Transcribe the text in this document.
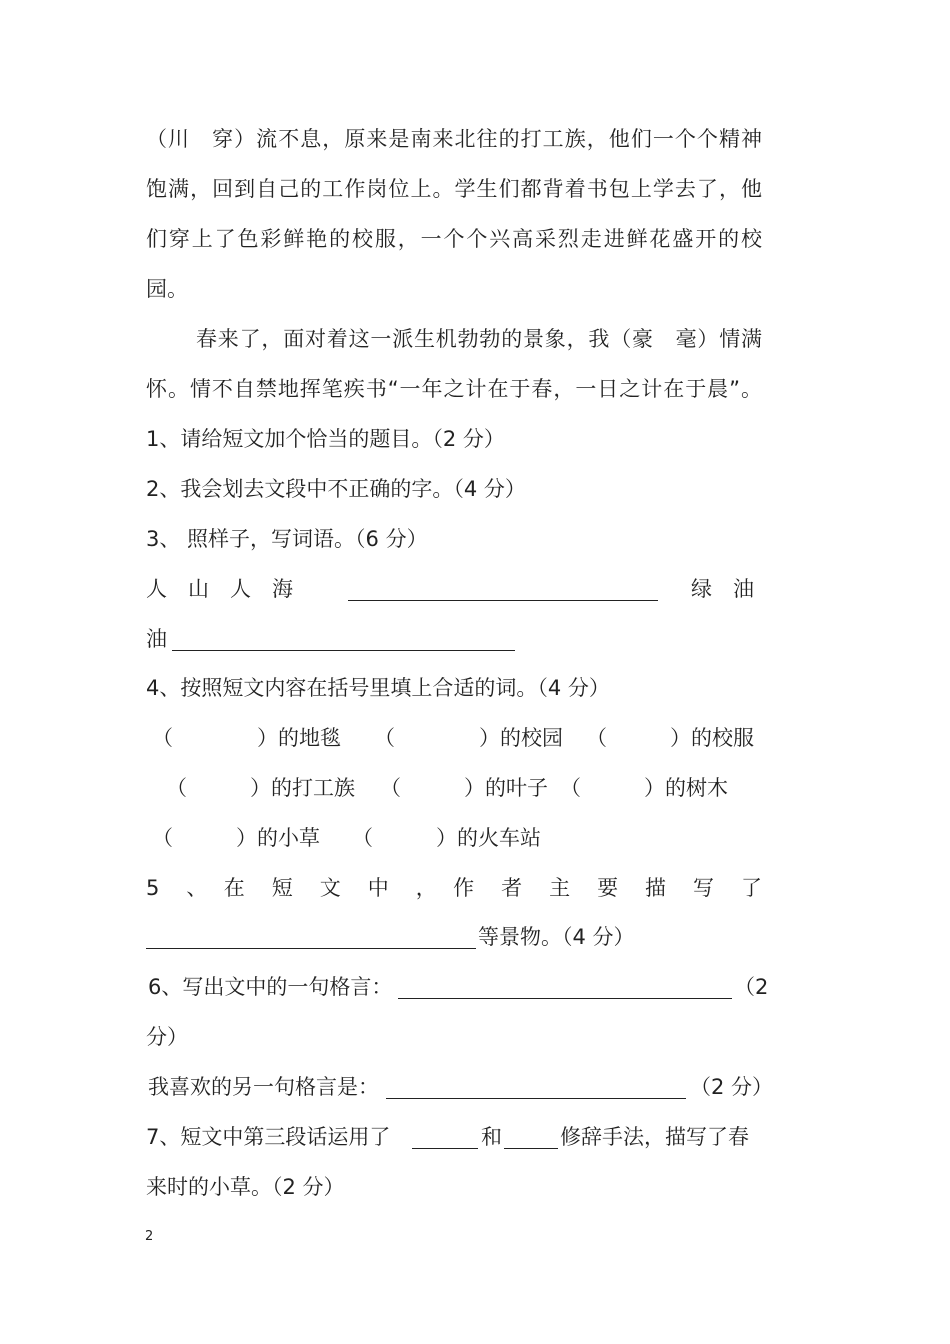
（川　穿）流不息，原来是南来北往的打工族，他们一个个精神
饱满，回到自己的工作岗位上。学生们都背着书包上学去了，他
们穿上了色彩鲜艳的校服，一个个兴高采烈走进鲜花盛开的校
园。
春来了，面对着这一派生机勃勃的景象，我（豪　毫）情满
怀。情不自禁地挥笔疾书“一年之计在于春，一日之计在于晨”。
1、请给短文加个恰当的题目。（2 分）
2、我会划去文段中不正确的字。（4 分）
3、 照样子，写词语。（6 分）
人　山　人　海	绿　油
油
4、按照短文内容在括号里填上合适的词。（4 分）
（　　　　）的地毯 （　　　　）的校园 （　　　）的校服
（　　　）的打工族 （　　　）的叶子 （　　　）的树木
（　　　）的小草 （　　　）的火车站
5　、　在　短　文　中　，　作　者　主　要　描　写　了
等景物。（4 分）
6、写出文中的一句格言：	（2
分）
我喜欢的另一句格言是：	（2 分）
7、短文中第三段话运用了	和	修辞手法，描写了春
来时的小草。（2 分）
2
